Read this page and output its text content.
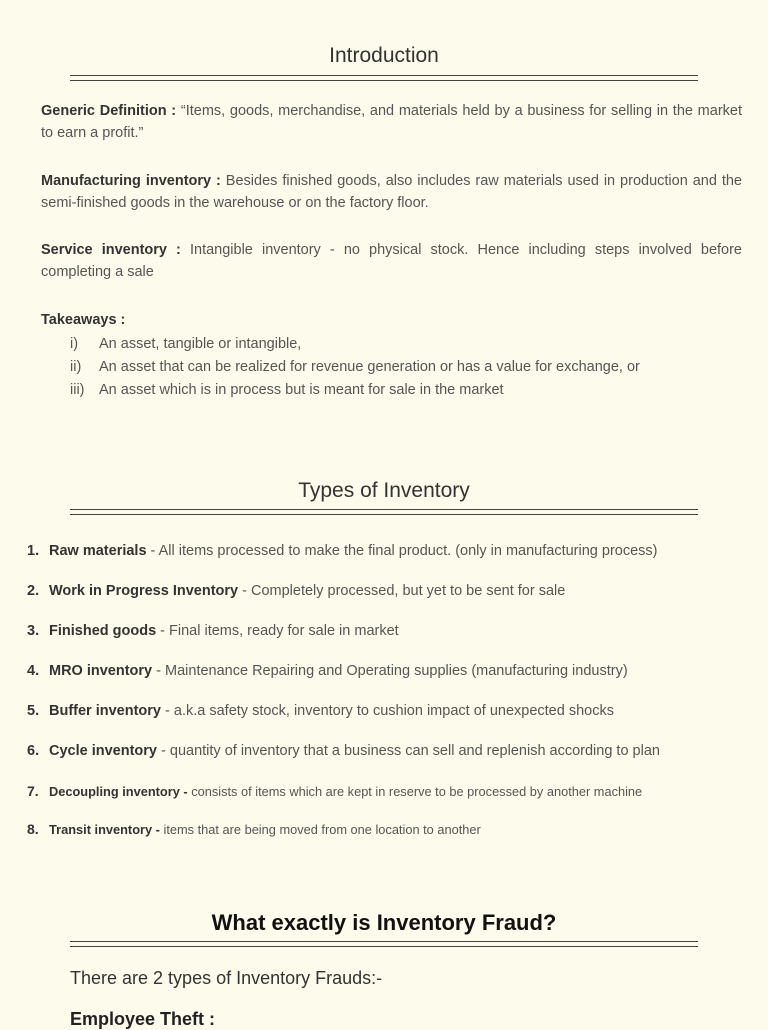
Introduction
Generic Definition : “Items, goods, merchandise, and materials held by a business for selling in the market to earn a profit.”
Manufacturing inventory : Besides finished goods, also includes raw materials used in production and the semi-finished goods in the warehouse or on the factory floor.
Service inventory : Intangible inventory - no physical stock. Hence including steps involved before completing a sale
Takeaways :
i) An asset, tangible or intangible,
ii) An asset that can be realized for revenue generation or has a value for exchange, or
iii) An asset which is in process but is meant for sale in the market
Types of Inventory
1. Raw materials - All items processed to make the final product. (only in manufacturing process)
2. Work in Progress Inventory - Completely processed, but yet to be sent for sale
3. Finished goods - Final items, ready for sale in market
4. MRO inventory - Maintenance Repairing and Operating supplies (manufacturing industry)
5. Buffer inventory - a.k.a safety stock, inventory to cushion impact of unexpected shocks
6. Cycle inventory - quantity of inventory that a business can sell and replenish according to plan
7. Decoupling inventory - consists of items which are kept in reserve to be processed by another machine
8. Transit inventory - items that are being moved from one location to another
What exactly is Inventory Fraud?
There are 2 types of Inventory Frauds:-
Employee Theft :
